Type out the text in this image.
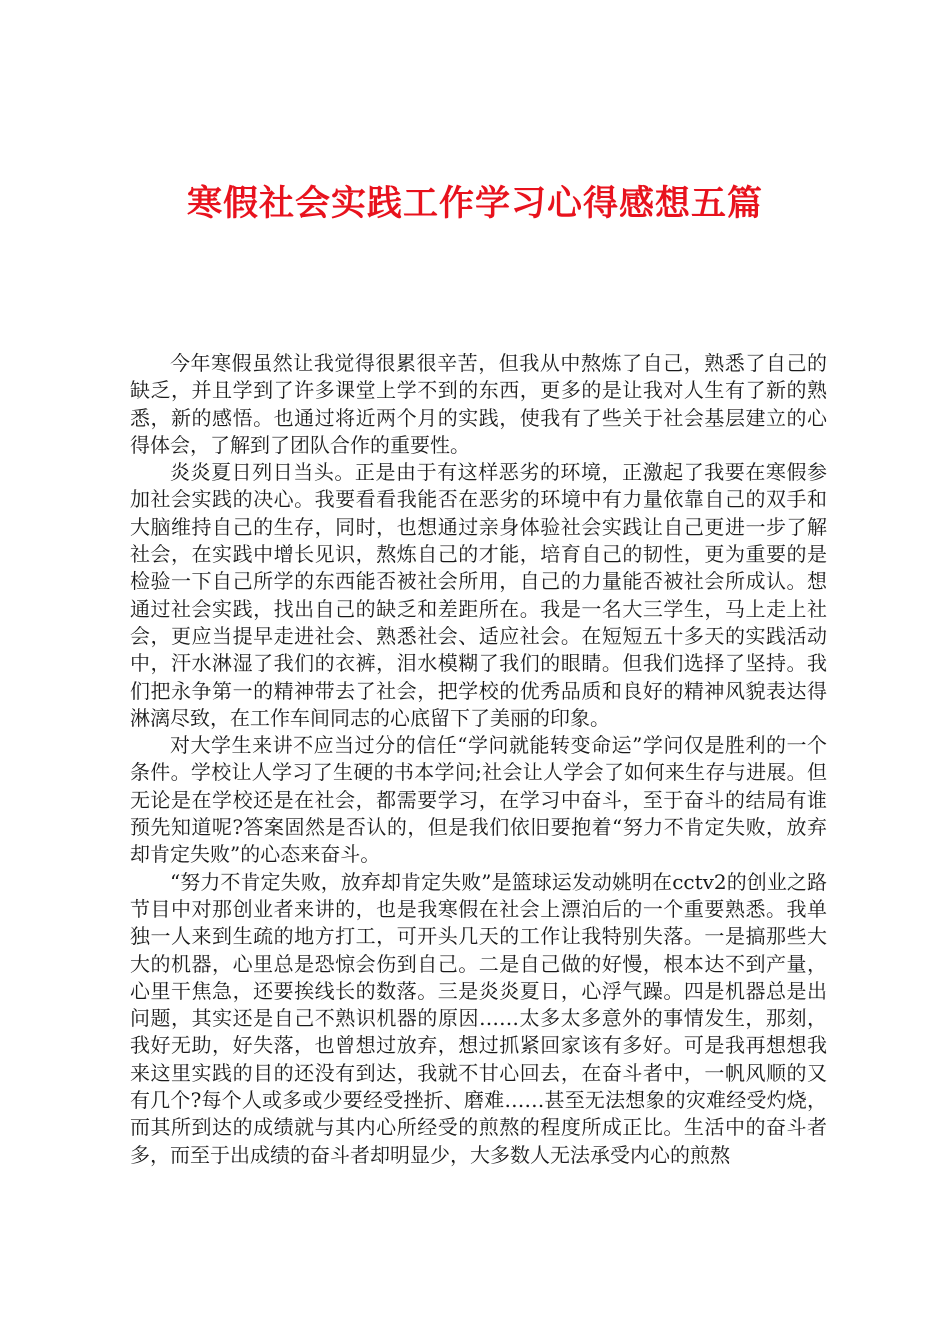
寒假社会实践工作学习心得感想五篇

今年寒假虽然让我觉得很累很辛苦，但我从中熬炼了自己，熟悉了自己的缺乏，并且学到了许多课堂上学不到的东西，更多的是让我对人生有了新的熟悉，新的感悟。也通过将近两个月的实践，使我有了些关于社会基层建立的心得体会，了解到了团队合作的重要性。

炎炎夏日列日当头。正是由于有这样恶劣的环境，正激起了我要在寒假参加社会实践的决心。我要看看我能否在恶劣的环境中有力量依靠自己的双手和大脑维持自己的生存，同时，也想通过亲身体验社会实践让自己更进一步了解社会，在实践中增长见识，熬炼自己的才能，培育自己的韧性，更为重要的是检验一下自己所学的东西能否被社会所用，自己的力量能否被社会所成认。想通过社会实践，找出自己的缺乏和差距所在。我是一名大三学生，马上走上社会，更应当提早走进社会、熟悉社会、适应社会。在短短五十多天的实践活动中，汗水淋湿了我们的衣裤，泪水模糊了我们的眼睛。但我们选择了坚持。我们把永争第一的精神带去了社会，把学校的优秀品质和良好的精神风貌表达得淋漓尽致，在工作车间同志的心底留下了美丽的印象。

对大学生来讲不应当过分的信任“学问就能转变命运”学问仅是胜利的一个条件。学校让人学习了生硬的书本学问;社会让人学会了如何来生存与进展。但无论是在学校还是在社会，都需要学习，在学习中奋斗，至于奋斗的结局有谁预先知道呢?答案固然是否认的，但是我们依旧要抱着“努力不肯定失败，放弃却肯定失败”的心态来奋斗。

“努力不肯定失败，放弃却肯定失败”是篮球运发动姚明在cctv2的创业之路节目中对那创业者来讲的，也是我寒假在社会上漂泊后的一个重要熟悉。我单独一人来到生疏的地方打工，可开头几天的工作让我特别失落。一是搞那些大大的机器，心里总是恐惊会伤到自己。二是自己做的好慢，根本达不到产量，心里干焦急，还要挨线长的数落。三是炎炎夏日，心浮气躁。四是机器总是出问题，其实还是自己不熟识机器的原因……太多太多意外的事情发生，那刻，我好无助，好失落，也曾想过放弃，想过抓紧回家该有多好。可是我再想想我来这里实践的目的还没有到达，我就不甘心回去，在奋斗者中，一帆风顺的又有几个?每个人或多或少要经受挫折、磨难……甚至无法想象的灾难经受灼烧，而其所到达的成绩就与其内心所经受的煎熬的程度所成正比。生活中的奋斗者多，而至于出成绩的奋斗者却明显少，大多数人无法承受内心的煎熬
